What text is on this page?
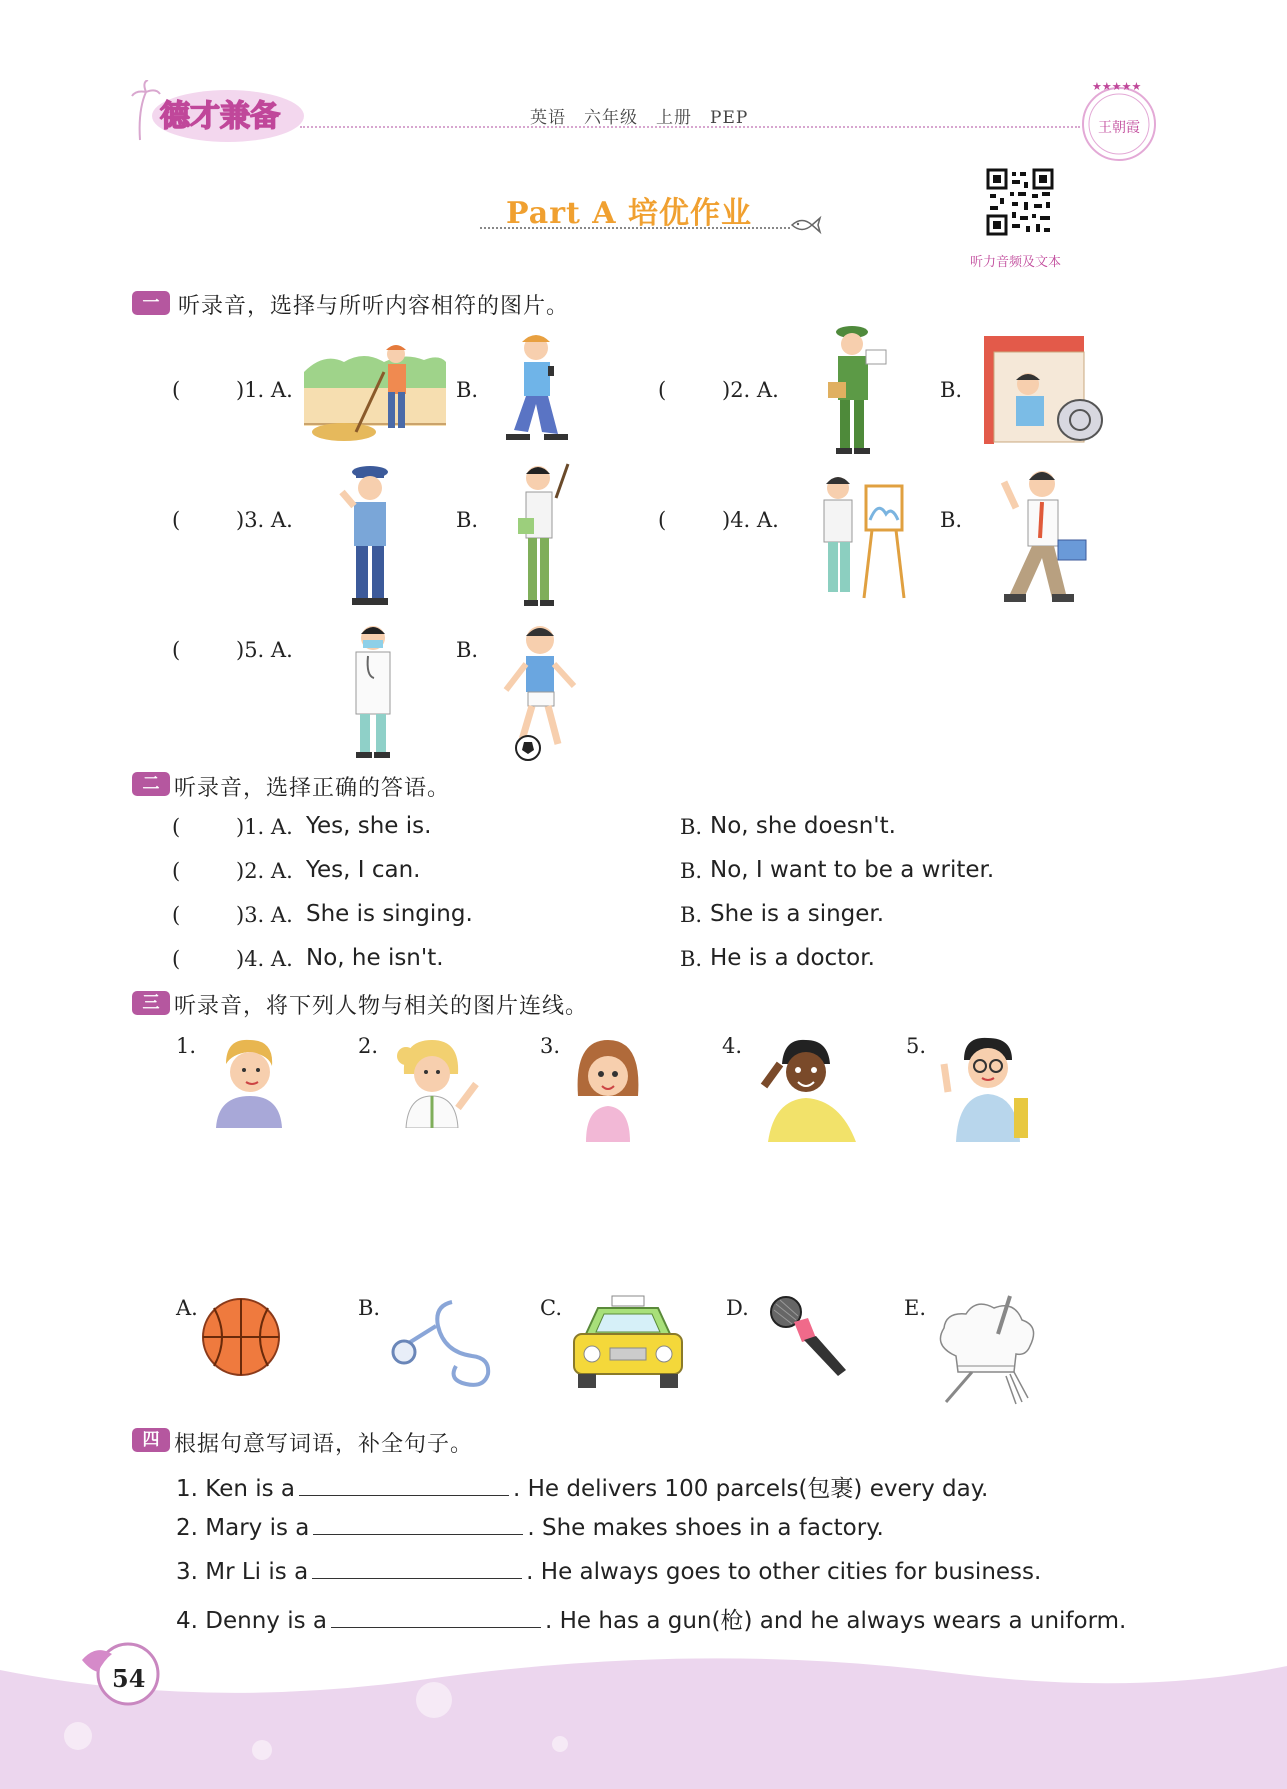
德才兼备	英语　六年级　上册　PEP
★★★★★
王朝霞
Part A 培优作业
听力音频及文本
一 听录音，选择与所听内容相符的图片。
(	)1. A.	B.	(	)2. A.	B.
(	)3. A.	B.	(	)4. A.	B.
(	)5. A.	B.
二 听录音，选择正确的答语。
(	)1. A. Yes, she is.	B. No, she doesn't.
(	)2. A. Yes, I can.	B. No, I want to be a writer.
(	)3. A. She is singing.	B. She is a singer.
(	)4. A. No, he isn't.	B. He is a doctor.
三 听录音，将下列人物与相关的图片连线。
1.	2.	3.	4.	5.
A.	B.	C.	D.	E.
四 根据句意写词语，补全句子。
1. Ken is a	. He delivers 100 parcels(包裹) every day.
2. Mary is a	. She makes shoes in a factory.
3. Mr Li is a	. He always goes to other cities for business.
4. Denny is a	. He has a gun(枪) and he always wears a uniform.
54
